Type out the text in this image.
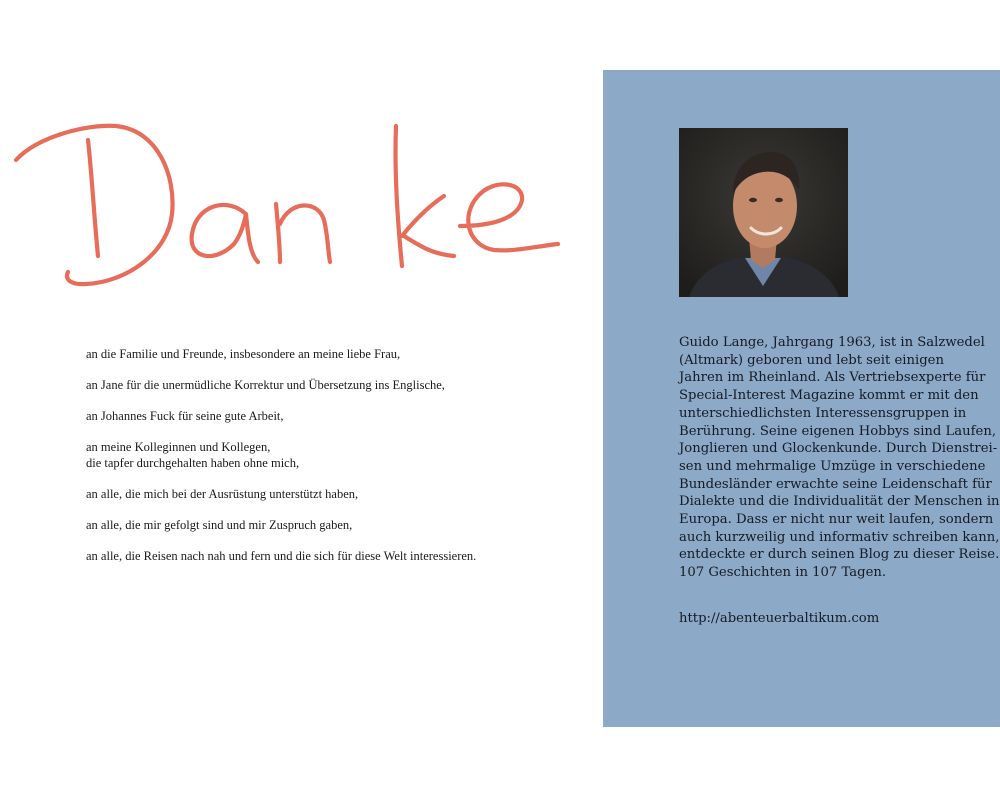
an die Familie und Freunde, insbesondere an meine liebe Frau,

an Jane für die unermüdliche Korrektur und Übersetzung ins Englische,

an Johannes Fuck für seine gute Arbeit,

an meine Kolleginnen und Kollegen,
die tapfer durchgehalten haben ohne mich,

an alle, die mich bei der Ausrüstung unterstützt haben,

an alle, die mir gefolgt sind und mir Zuspruch gaben,

an alle, die Reisen nach nah und fern und die sich für diese Welt interessieren.

Guido Lange, Jahrgang 1963, ist in Salzwedel
(Altmark) geboren und lebt seit einigen
Jahren im Rheinland. Als Vertriebsexperte für
Special-Interest Magazine kommt er mit den
unterschiedlichsten Interessensgruppen in
Berührung. Seine eigenen Hobbys sind Laufen,
Jonglieren und Glockenkunde. Durch Dienstrei-
sen und mehrmalige Umzüge in verschiedene
Bundesländer erwachte seine Leidenschaft für
Dialekte und die Individualität der Menschen in
Europa. Dass er nicht nur weit laufen, sondern
auch kurzweilig und informativ schreiben kann,
entdeckte er durch seinen Blog zu dieser Reise.
107 Geschichten in 107 Tagen.
http://abenteuerbaltikum.com
